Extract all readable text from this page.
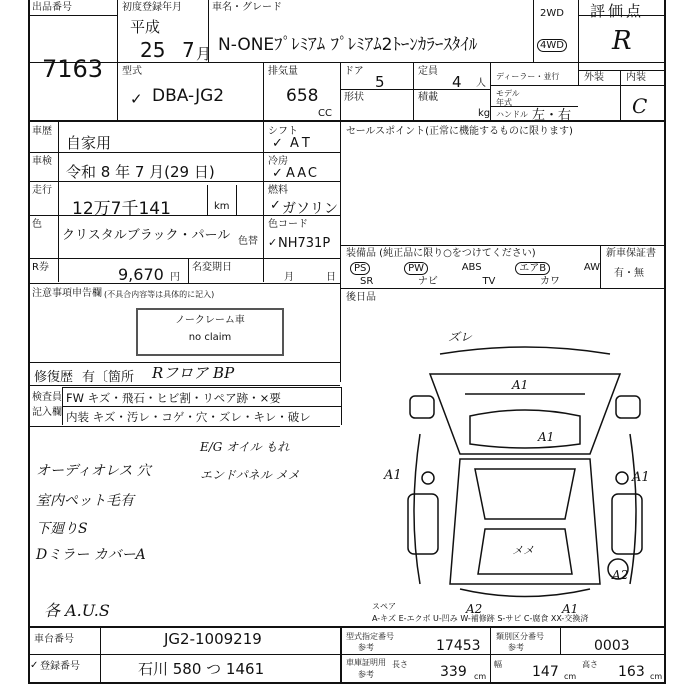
出品番号
7163
初度登録年月
平成
25 7 月
車名・グレード
N-ONEﾌﾟﾚﾐｱﾑ ﾌﾟﾚﾐｱﾑ2ﾄｰﾝｶﾗｰｽﾀｲﾙ
2WD
4WD
評価点
R
外装 内装
C
型式
✓ DBA-JG2
排気量
658
CC
ドア
5
定員
4 人
形状	積載
kg
ディーラー・並行
モデル年式
ハンドル 左・右
車歴
自家用
車検
令和 8 年 7 月(29 日)
走行
12万7千141	km
色
クリスタルブラック・パール 色替
シフト
✓ AT
冷房
✓ AAC
燃料
✓ ガソリン
色コード
✓ NH731P
R券	9,670 円
名変期日
月	日
注意事項申告欄 (不具合内容等は具体的に記入)
ノークレーム車
no claim
修復歴 有〔箇所 Rフロア BP
セールスポイント(正常に機能するものに限ります)
検査員
記入欄
FW キズ・飛石・ヒビ割・リペア跡・×要
内装 キズ・汚レ・コゲ・穴・ズレ・キレ・破レ
装備品 (純正品に限り○をつけてください)	新車保証書
有・無
後日品
PS	PW	ABS	エアB	AW
SR	ナビ	TV	カワ
E/G オイル もれ
エンドパネル メメ
オーディオレス 穴
室内ペット毛有
下廻りS
Dミラー カバーA
各 A.U.S
ズレ
A1
A1	A1
A1
メメ
A2
A2	A1
スペア
A-キズ E-エクボ U-凹み W-補修跡 S-サビ C-腐食 XX-交換済
車台番号	JG2-1009219
✓ 登録番号	石川 580 つ 1461
型式指定番号
参考	17453
類別区分番号
参考	0003
車庫証明用
参考
長さ 339 cm
幅 147 cm
高さ 163 cm
